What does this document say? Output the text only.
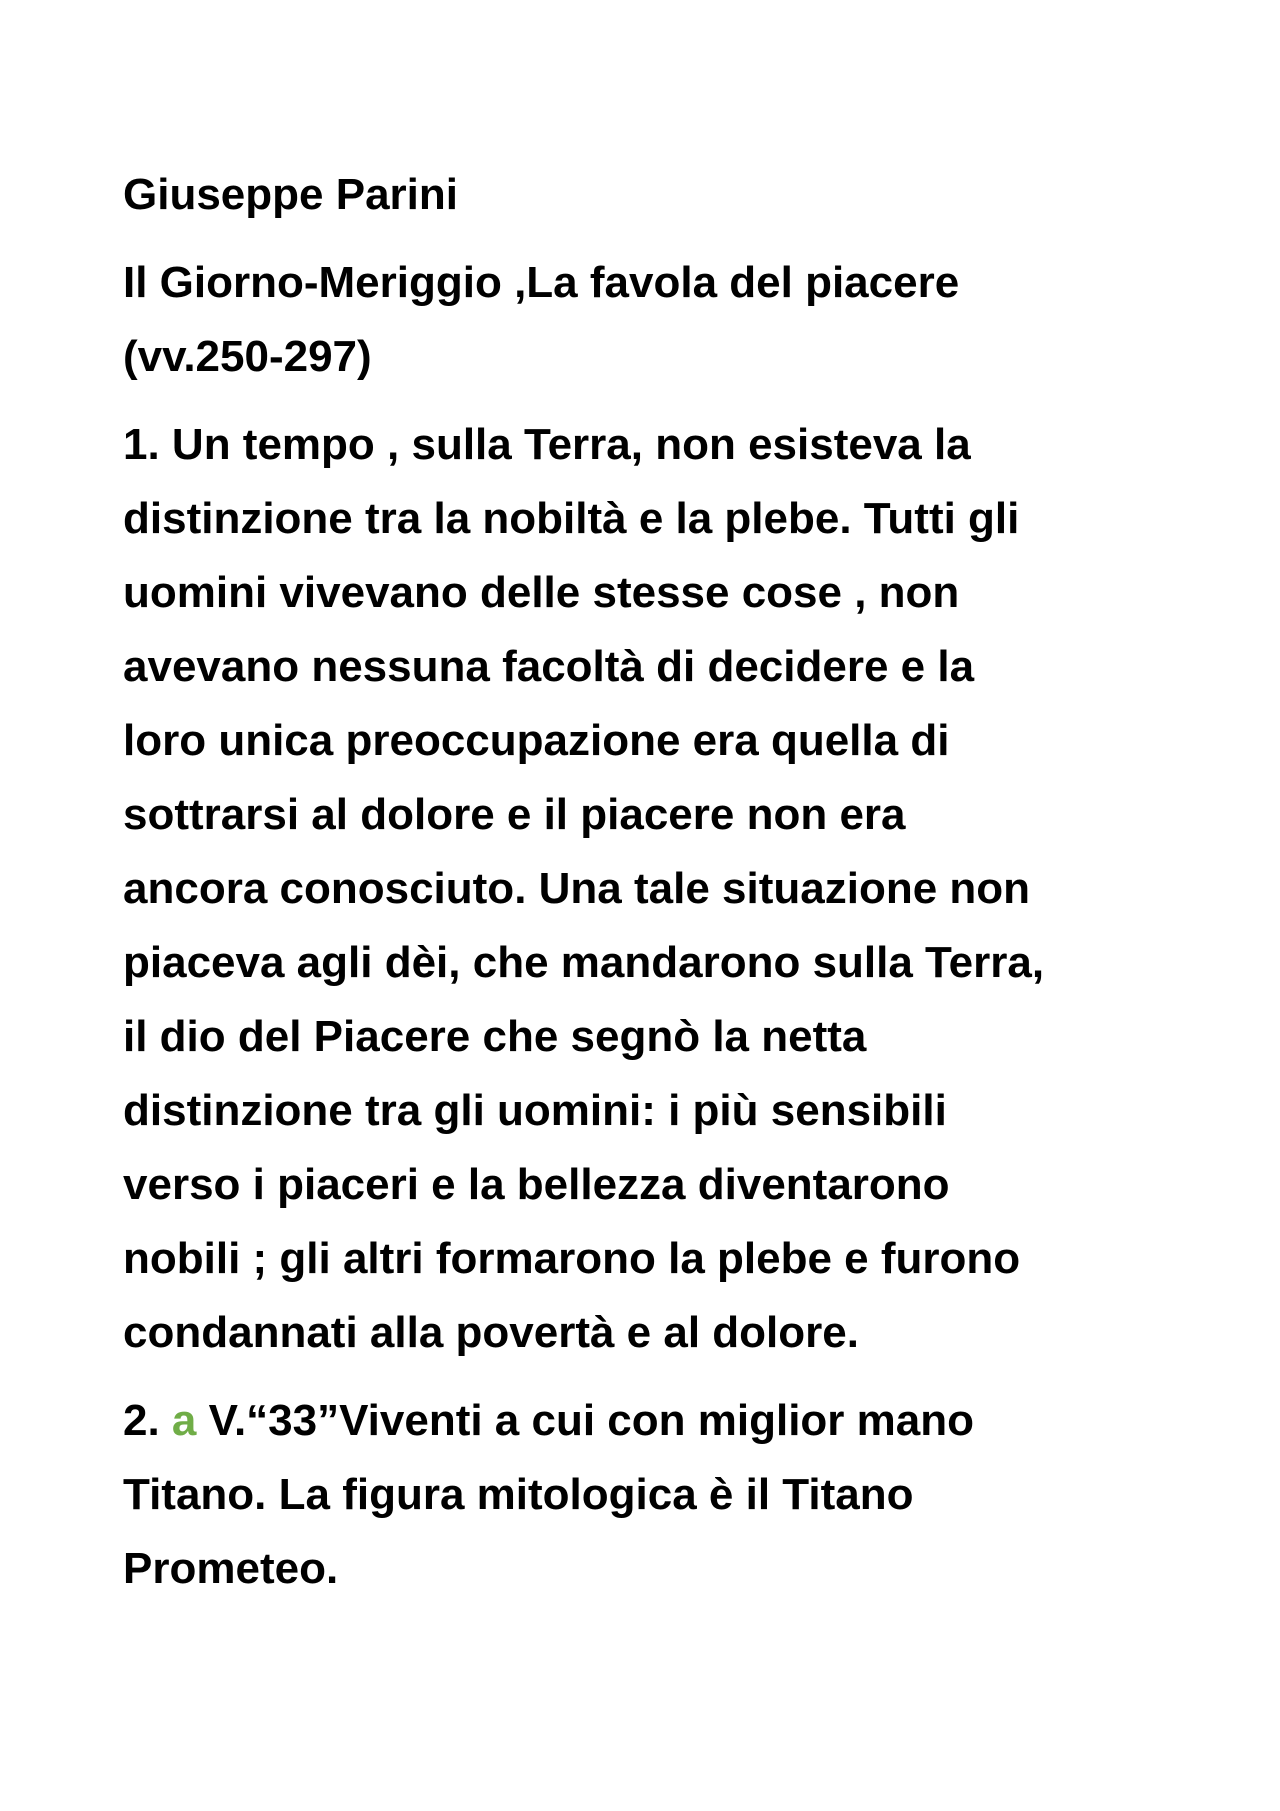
Giuseppe Parini
Il Giorno-Meriggio ,La favola del piacere
(vv.250-297)
1. Un tempo , sulla Terra, non esisteva la
distinzione tra la nobiltà e la plebe. Tutti gli
uomini vivevano delle stesse cose , non
avevano nessuna facoltà di decidere e la
loro unica preoccupazione era quella di
sottrarsi al dolore e il piacere non era
ancora conosciuto. Una tale situazione non
piaceva agli dèi, che mandarono sulla Terra,
il dio del Piacere che segnò la netta
distinzione tra gli uomini: i più sensibili
verso i piaceri e la bellezza diventarono
nobili ; gli altri formarono la plebe e furono
condannati alla povertà e al dolore.
2. a V.“33”Viventi a cui con miglior mano
Titano. La figura mitologica è il Titano
Prometeo.
